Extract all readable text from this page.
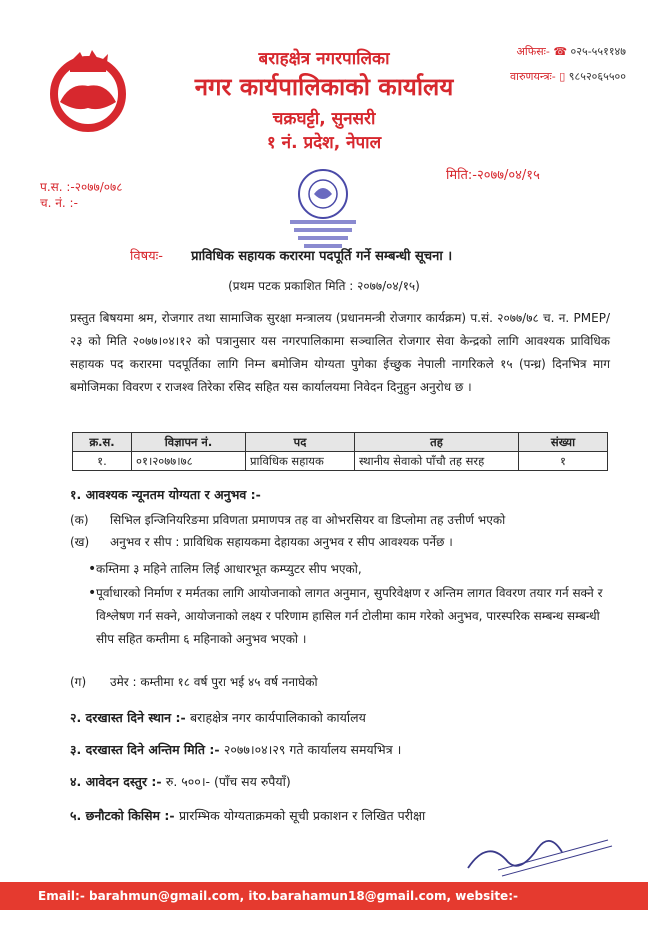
बराहक्षेत्र नगरपालिका
नगर कार्यपालिकाको कार्यालय
चक्रघट्टी, सुनसरी
१ नं. प्रदेश, नेपाल
अफिसः- ☎ ०२५-५५११४७
वारुणयन्त्रः- ▯ ९८५२०६५५००
प.स. :-२०७७/०७८
च. नं. :-
मिति:-२०७७/०४/१५
विषयः- प्राविधिक सहायक करारमा पदपूर्ति गर्ने सम्बन्धी सूचना ।
(प्रथम पटक प्रकाशित मिति : २०७७/०४/१५)
प्रस्तुत बिषयमा श्रम, रोजगार तथा सामाजिक सुरक्षा मन्त्रालय (प्रधानमन्त्री रोजगार कार्यक्रम) प.सं. २०७७/७८ च. न. PMEP/२३ को मिति २०७७।०४।१२ को पत्रानुसार यस नगरपालिकामा सञ्चालित रोजगार सेवा केन्द्रको लागि आवश्यक प्राविधिक सहायक पद करारमा पदपूर्तिका लागि निम्न बमोजिम योग्यता पुगेका ईच्छुक नेपाली नागरिकले १५ (पन्ध्र) दिनभित्र माग बमोजिमका विवरण र राजश्व तिरेका रसिद सहित यस कार्यालयमा निवेदन दिनुहुन अनुरोध छ ।
क्र.स.	विज्ञापन नं.	पद	तह	संख्या
१.	०१।२०७७।७८	प्राविधिक सहायक	स्थानीय सेवाको पाँचौ तह सरह	१
१. आवश्यक न्यूनतम योग्यता र अनुभव :-
(क) सिभिल इन्जिनियरिङमा प्रविणता प्रमाणपत्र तह वा ओभरसियर वा डिप्लोमा तह उत्तीर्ण भएको
(ख) अनुभव र सीप : प्राविधिक सहायकमा देहायका अनुभव र सीप आवश्यक पर्नेछ ।
• कम्तिमा ३ महिने तालिम लिई आधारभूत कम्प्युटर सीप भएको,
• पूर्वाधारको निर्माण र मर्मतका लागि आयोजनाको लागत अनुमान, सुपरिवेक्षण र अन्तिम लागत विवरण तयार गर्न सक्ने र विश्लेषण गर्न सक्ने, आयोजनाको लक्ष्य र परिणाम हासिल गर्न टोलीमा काम गरेको अनुभव, पारस्परिक सम्बन्ध सम्बन्धी सीप सहित कम्तीमा ६ महिनाको अनुभव भएको ।
(ग) उमेर : कम्तीमा १८ वर्ष पुरा भई ४५ वर्ष ननाघेको
२. दरखास्त दिने स्थान :- बराहक्षेत्र नगर कार्यपालिकाको कार्यालय
३. दरखास्त दिने अन्तिम मिति :- २०७७।०४।२९ गते कार्यालय समयभित्र ।
४. आवेदन दस्तुर :- रु. ५००।- (पाँच सय रुपैयाँ)
५. छनौटको किसिम :- प्रारम्भिक योग्यताक्रमको सूची प्रकाशन र लिखित परीक्षा
Email:- barahmun@gmail.com, ito.barahamun18@gmail.com, website:-www.barahamun.gov.np
